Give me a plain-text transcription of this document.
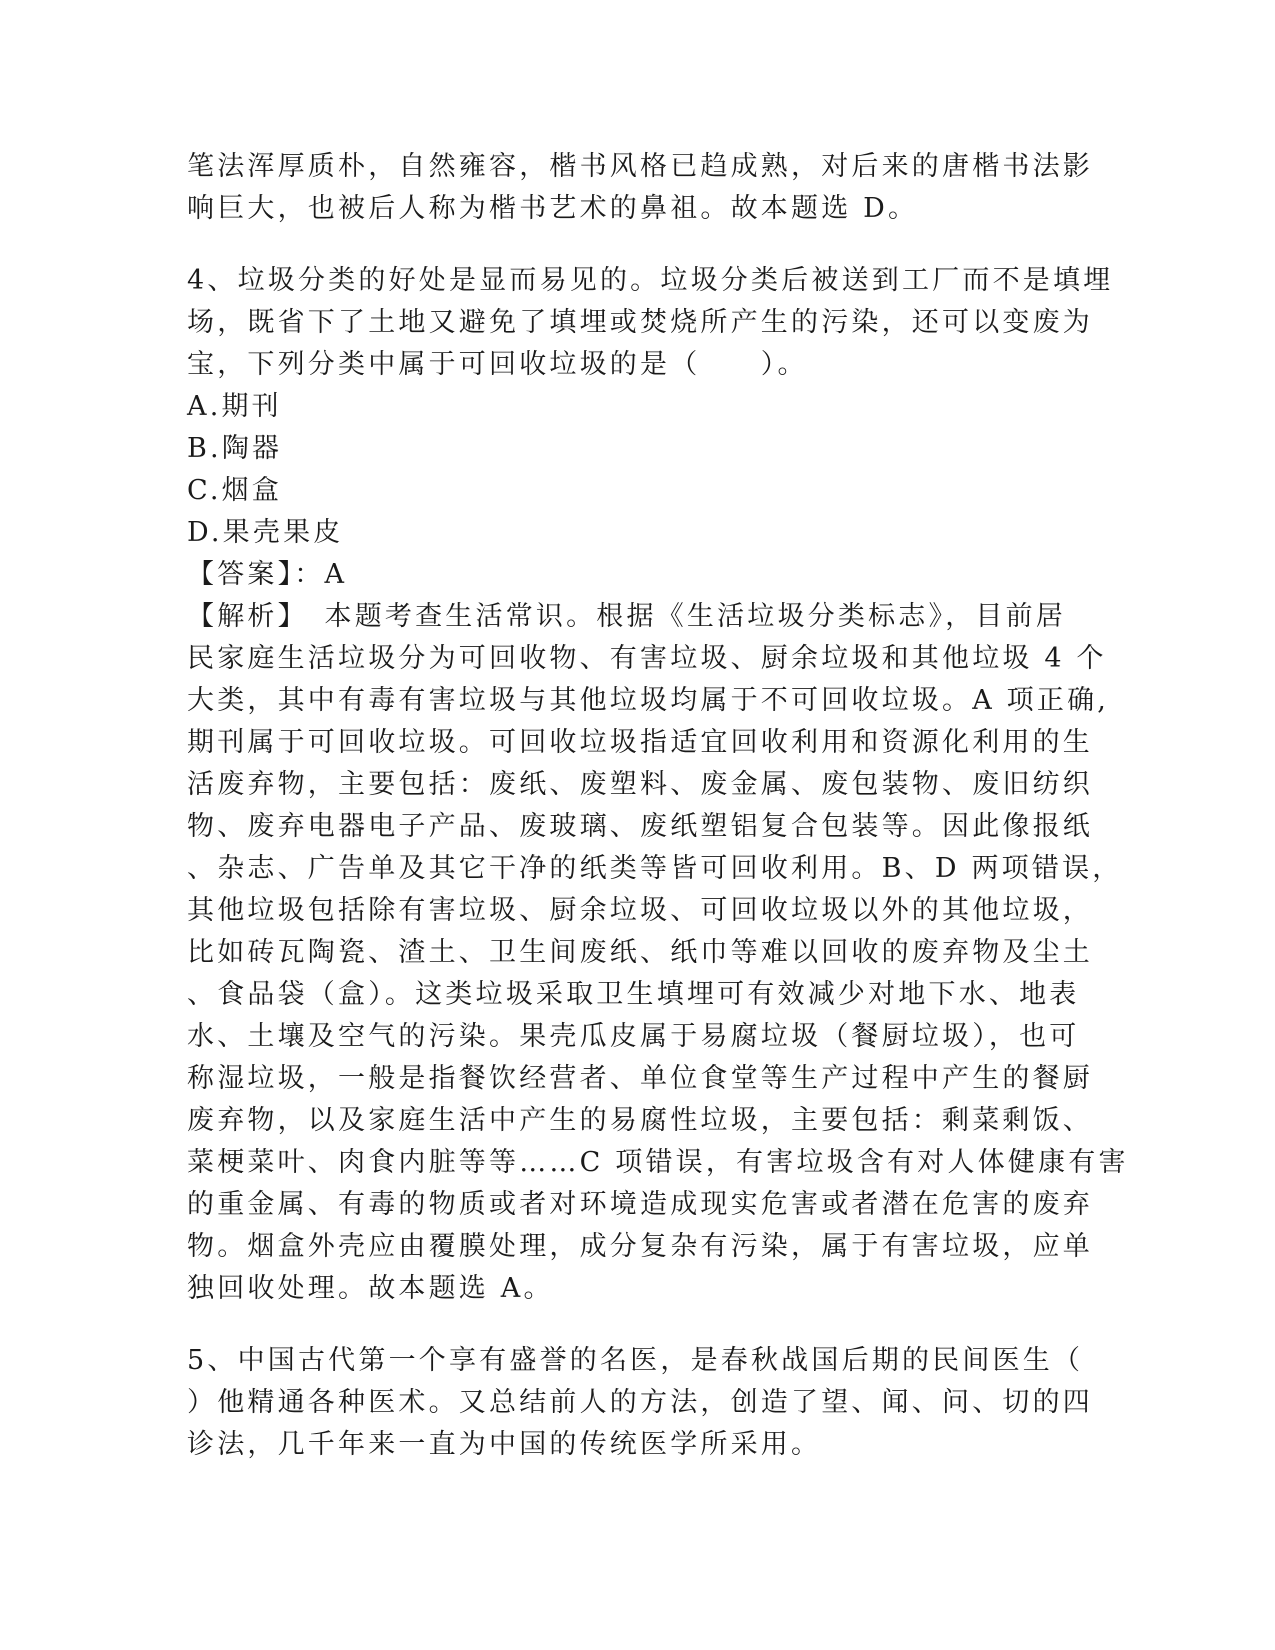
笔法浑厚质朴，自然雍容，楷书风格已趋成熟，对后来的唐楷书法影
响巨大，也被后人称为楷书艺术的鼻祖。故本题选 D。
4、垃圾分类的好处是显而易见的。垃圾分类后被送到工厂而不是填埋
场，既省下了土地又避免了填埋或焚烧所产生的污染，还可以变废为
宝，下列分类中属于可回收垃圾的是（　　）。
A.期刊
B.陶器
C.烟盒
D.果壳果皮
【答案】：A
【解析】　本题考查生活常识。根据《生活垃圾分类标志》，目前居
民家庭生活垃圾分为可回收物、有害垃圾、厨余垃圾和其他垃圾 4 个
大类，其中有毒有害垃圾与其他垃圾均属于不可回收垃圾。A 项正确,
期刊属于可回收垃圾。可回收垃圾指适宜回收利用和资源化利用的生
活废弃物，主要包括：废纸、废塑料、废金属、废包装物、废旧纺织
物、废弃电器电子产品、废玻璃、废纸塑铝复合包装等。因此像报纸
、杂志、广告单及其它干净的纸类等皆可回收利用。B、D 两项错误，
其他垃圾包括除有害垃圾、厨余垃圾、可回收垃圾以外的其他垃圾，
比如砖瓦陶瓷、渣土、卫生间废纸、纸巾等难以回收的废弃物及尘土
、食品袋（盒）。这类垃圾采取卫生填埋可有效减少对地下水、地表
水、土壤及空气的污染。果壳瓜皮属于易腐垃圾（餐厨垃圾），也可
称湿垃圾，一般是指餐饮经营者、单位食堂等生产过程中产生的餐厨
废弃物，以及家庭生活中产生的易腐性垃圾，主要包括：剩菜剩饭、
菜梗菜叶、肉食内脏等等……C 项错误，有害垃圾含有对人体健康有害
的重金属、有毒的物质或者对环境造成现实危害或者潜在危害的废弃
物。烟盒外壳应由覆膜处理，成分复杂有污染，属于有害垃圾，应单
独回收处理。故本题选 A。
5、中国古代第一个享有盛誉的名医，是春秋战国后期的民间医生（
）他精通各种医术。又总结前人的方法，创造了望、闻、问、切的四
诊法，几千年来一直为中国的传统医学所采用。
